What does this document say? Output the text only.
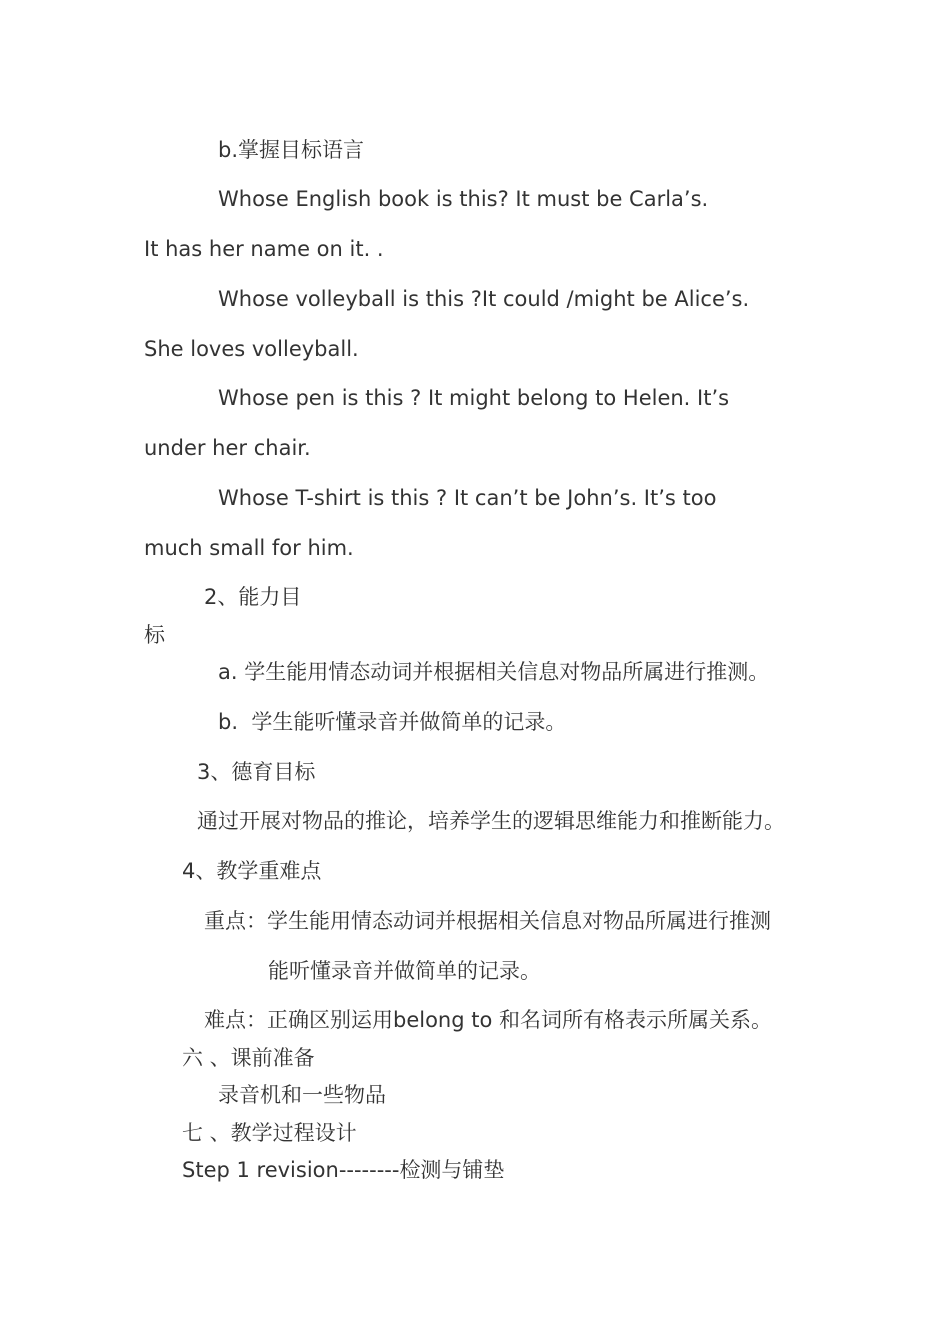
b.掌握目标语言
Whose English book is this? It must be Carla’s.
It has her name on it. .
Whose volleyball is this ?It could /might be Alice’s.
She loves volleyball.
Whose pen is this ? It might belong to Helen. It’s
under her chair.
Whose T-shirt is this ? It can’t be John’s. It’s too
much small for him.
2、能力目
标
a. 学生能用情态动词并根据相关信息对物品所属进行推测。
b.  学生能听懂录音并做简单的记录。
3、德育目标
通过开展对物品的推论，培养学生的逻辑思维能力和推断能力。
4、教学重难点
重点：学生能用情态动词并根据相关信息对物品所属进行推测
能听懂录音并做简单的记录。
难点：正确区别运用belong to 和名词所有格表示所属关系。
六 、课前准备
录音机和一些物品
七 、教学过程设计
Step 1 revision--------检测与铺垫
